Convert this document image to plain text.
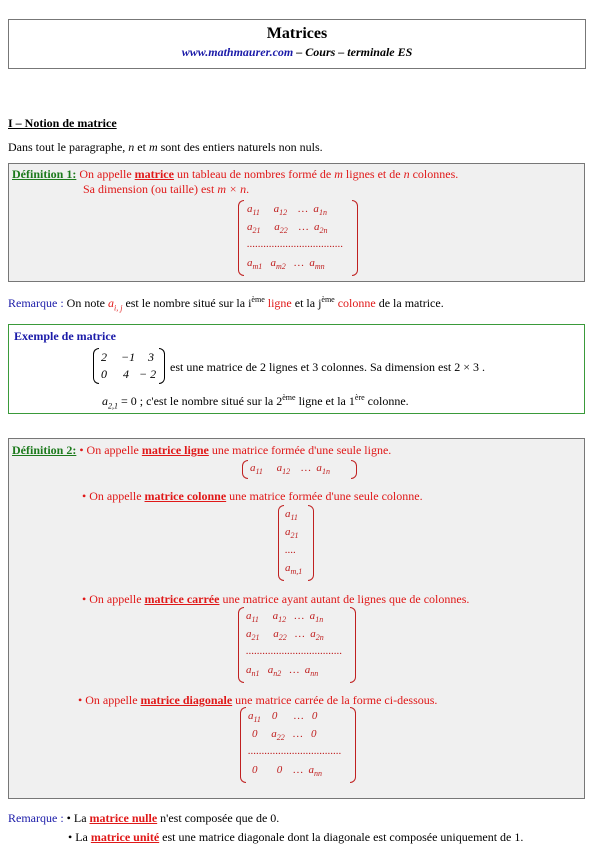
Matrices
www.mathmaurer.com – Cours – terminale ES
I – Notion de matrice
Dans tout le paragraphe, n et m sont des entiers naturels non nuls.
Définition 1: On appelle matrice un tableau de nombres formé de m lignes et de n colonnes.
Sa dimension (ou taille) est m × n.
$a_{11}$     $a_{12}$    …  $a_{1n}$
$a_{21}$     $a_{22}$    …  $a_{2n}$
...................................
$a_{m1}$   $a_{m2}$   …  $a_{mn}$
Remarque : On note $a_{i, j}$ est le nombre situé sur la $i^{ème}$ ligne et la $j^{ème}$ colonne de la matrice.
Exemple de matrice
2 −1 3
0 4 − 2 est une matrice de 2 lignes et 3 colonnes. Sa dimension est 2 × 3 .
$a_{2,1} = 0$ ; c'est le nombre situé sur la 2ème ligne et la 1ère colonne.
Définition 2: • On appelle matrice ligne une matrice formée d'une seule ligne.
$a_{11}$     $a_{12}$    …  $a_{1n}$
• On appelle matrice colonne une matrice formée d'une seule colonne.
$a_{11}$
$a_{21}$
....
$a_{m,1}$
• On appelle matrice carrée une matrice ayant autant de lignes que de colonnes.
$a_{11}$     $a_{12}$   …  $a_{1n}$
$a_{21}$     $a_{22}$   …  $a_{2n}$
...................................
$a_{n1}$   $a_{n2}$   …  $a_{nn}$
• On appelle matrice diagonale une matrice carrée de la forme ci-dessous.
$a_{11}$    0      …   0
0     $a_{22}$   …   0
..................................
0       0    …  $a_{nn}$
Remarque : • La matrice nulle n'est composée que de 0.
• La matrice unité est une matrice diagonale dont la diagonale est composée uniquement de 1.
